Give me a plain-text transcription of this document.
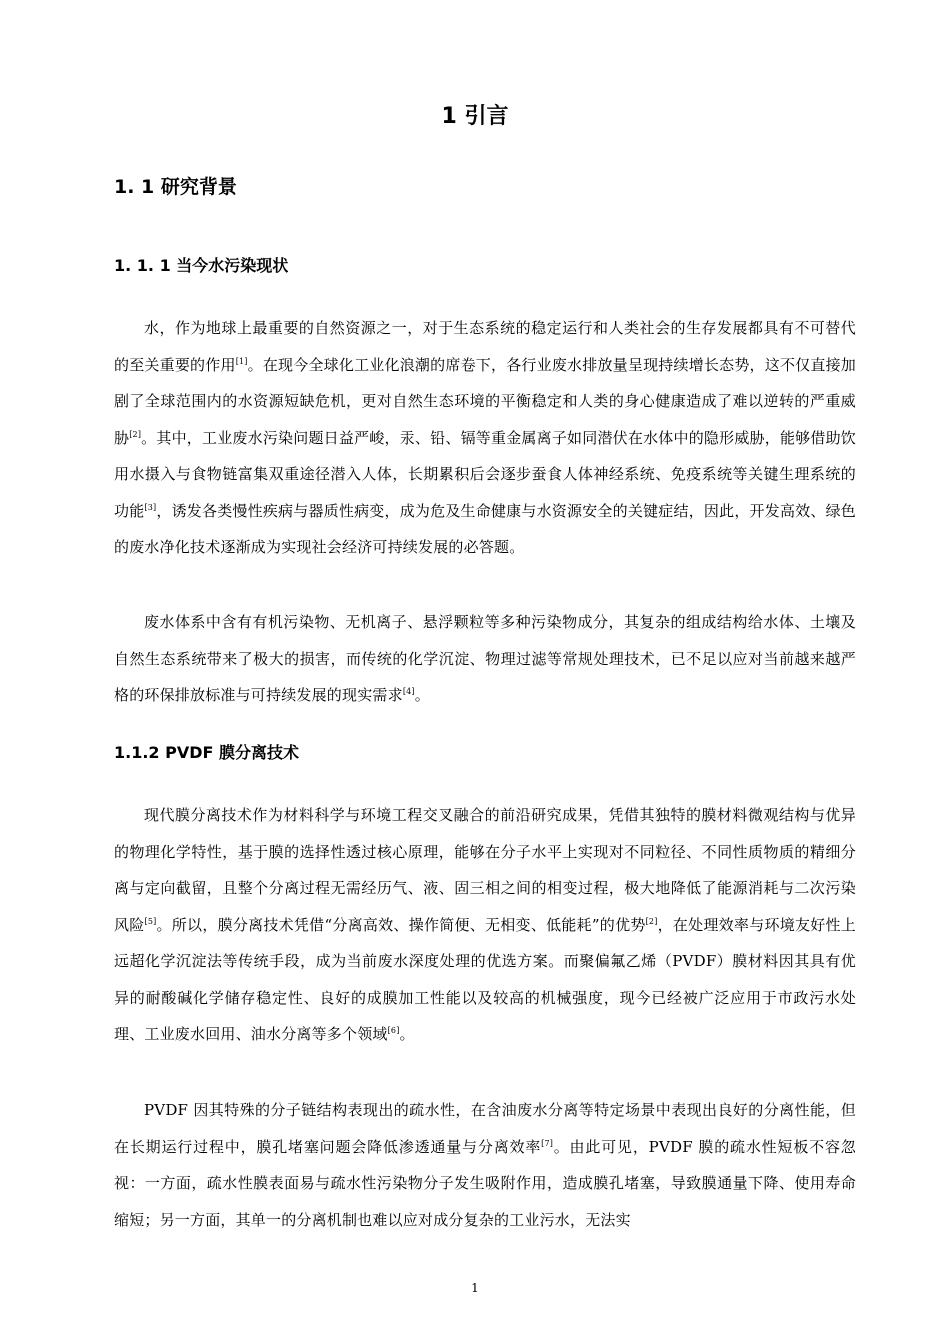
1 引言
1. 1 研究背景
1. 1. 1 当今水污染现状

水，作为地球上最重要的自然资源之一，对于生态系统的稳定运行和人类社会的生存发展都具有不可替代的至关重要的作用[1]。在现今全球化工业化浪潮的席卷下，各行业废水排放量呈现持续增长态势，这不仅直接加剧了全球范围内的水资源短缺危机，更对自然生态环境的平衡稳定和人类的身心健康造成了难以逆转的严重威胁[2]。其中，工业废水污染问题日益严峻，汞、铅、镉等重金属离子如同潜伏在水体中的隐形威胁，能够借助饮用水摄入与食物链富集双重途径潜入人体，长期累积后会逐步蚕食人体神经系统、免疫系统等关键生理系统的功能[3]，诱发各类慢性疾病与器质性病变，成为危及生命健康与水资源安全的关键症结，因此，开发高效、绿色的废水净化技术逐渐成为实现社会经济可持续发展的必答题。

废水体系中含有有机污染物、无机离子、悬浮颗粒等多种污染物成分，其复杂的组成结构给水体、土壤及自然生态系统带来了极大的损害，而传统的化学沉淀、物理过滤等常规处理技术，已不足以应对当前越来越严格的环保排放标准与可持续发展的现实需求[4]。

1.1.2 PVDF 膜分离技术

现代膜分离技术作为材料科学与环境工程交叉融合的前沿研究成果，凭借其独特的膜材料微观结构与优异的物理化学特性，基于膜的选择性透过核心原理，能够在分子水平上实现对不同粒径、不同性质物质的精细分离与定向截留，且整个分离过程无需经历气、液、固三相之间的相变过程，极大地降低了能源消耗与二次污染风险[5]。所以，膜分离技术凭借“分离高效、操作简便、无相变、低能耗”的优势[2]，在处理效率与环境友好性上远超化学沉淀法等传统手段，成为当前废水深度处理的优选方案。而聚偏氟乙烯（PVDF）膜材料因其具有优异的耐酸碱化学储存稳定性、良好的成膜加工性能以及较高的机械强度，现今已经被广泛应用于市政污水处理、工业废水回用、油水分离等多个领域[6]。

PVDF 因其特殊的分子链结构表现出的疏水性，在含油废水分离等特定场景中表现出良好的分离性能，但在长期运行过程中，膜孔堵塞问题会降低渗透通量与分离效率[7]。由此可见，PVDF 膜的疏水性短板不容忽视：一方面，疏水性膜表面易与疏水性污染物分子发生吸附作用，造成膜孔堵塞，导致膜通量下降、使用寿命缩短；另一方面，其单一的分离机制也难以应对成分复杂的工业污水，无法实

1
